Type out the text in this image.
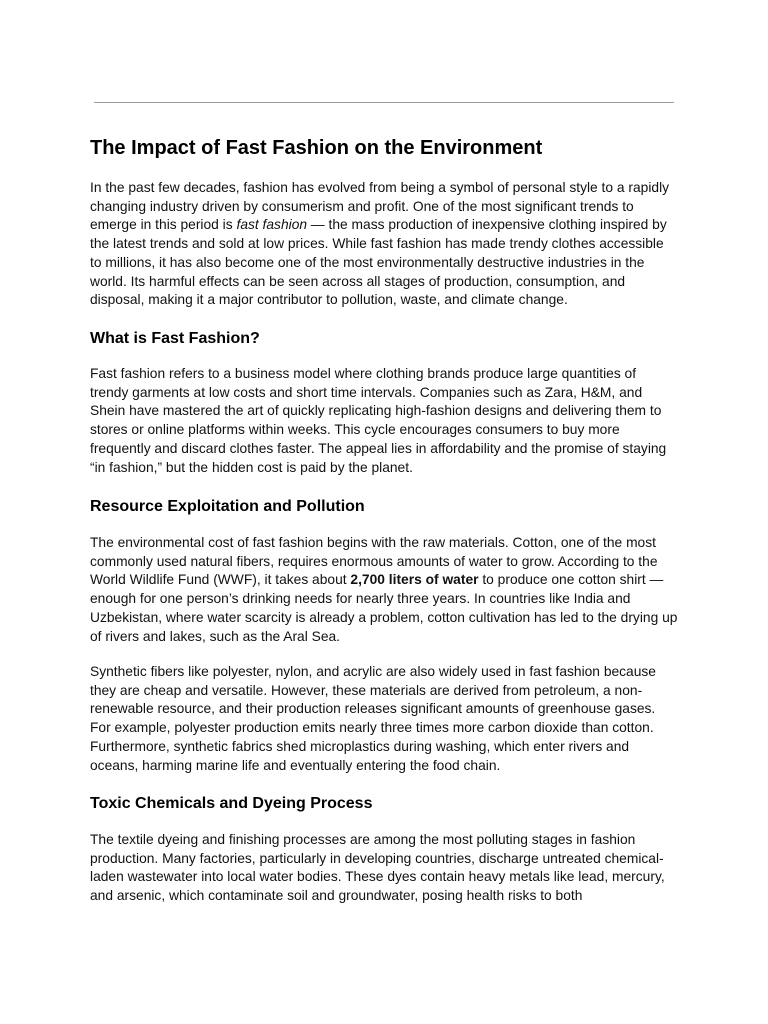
The Impact of Fast Fashion on the Environment

In the past few decades, fashion has evolved from being a symbol of personal style to a rapidly changing industry driven by consumerism and profit. One of the most significant trends to emerge in this period is fast fashion — the mass production of inexpensive clothing inspired by the latest trends and sold at low prices. While fast fashion has made trendy clothes accessible to millions, it has also become one of the most environmentally destructive industries in the world. Its harmful effects can be seen across all stages of production, consumption, and disposal, making it a major contributor to pollution, waste, and climate change.

What is Fast Fashion?

Fast fashion refers to a business model where clothing brands produce large quantities of trendy garments at low costs and short time intervals. Companies such as Zara, H&M, and Shein have mastered the art of quickly replicating high-fashion designs and delivering them to stores or online platforms within weeks. This cycle encourages consumers to buy more frequently and discard clothes faster. The appeal lies in affordability and the promise of staying “in fashion,” but the hidden cost is paid by the planet.

Resource Exploitation and Pollution

The environmental cost of fast fashion begins with the raw materials. Cotton, one of the most commonly used natural fibers, requires enormous amounts of water to grow. According to the World Wildlife Fund (WWF), it takes about 2,700 liters of water to produce one cotton shirt — enough for one person’s drinking needs for nearly three years. In countries like India and Uzbekistan, where water scarcity is already a problem, cotton cultivation has led to the drying up of rivers and lakes, such as the Aral Sea.

Synthetic fibers like polyester, nylon, and acrylic are also widely used in fast fashion because they are cheap and versatile. However, these materials are derived from petroleum, a non-renewable resource, and their production releases significant amounts of greenhouse gases. For example, polyester production emits nearly three times more carbon dioxide than cotton. Furthermore, synthetic fabrics shed microplastics during washing, which enter rivers and oceans, harming marine life and eventually entering the food chain.

Toxic Chemicals and Dyeing Process

The textile dyeing and finishing processes are among the most polluting stages in fashion production. Many factories, particularly in developing countries, discharge untreated chemical-laden wastewater into local water bodies. These dyes contain heavy metals like lead, mercury, and arsenic, which contaminate soil and groundwater, posing health risks to both
